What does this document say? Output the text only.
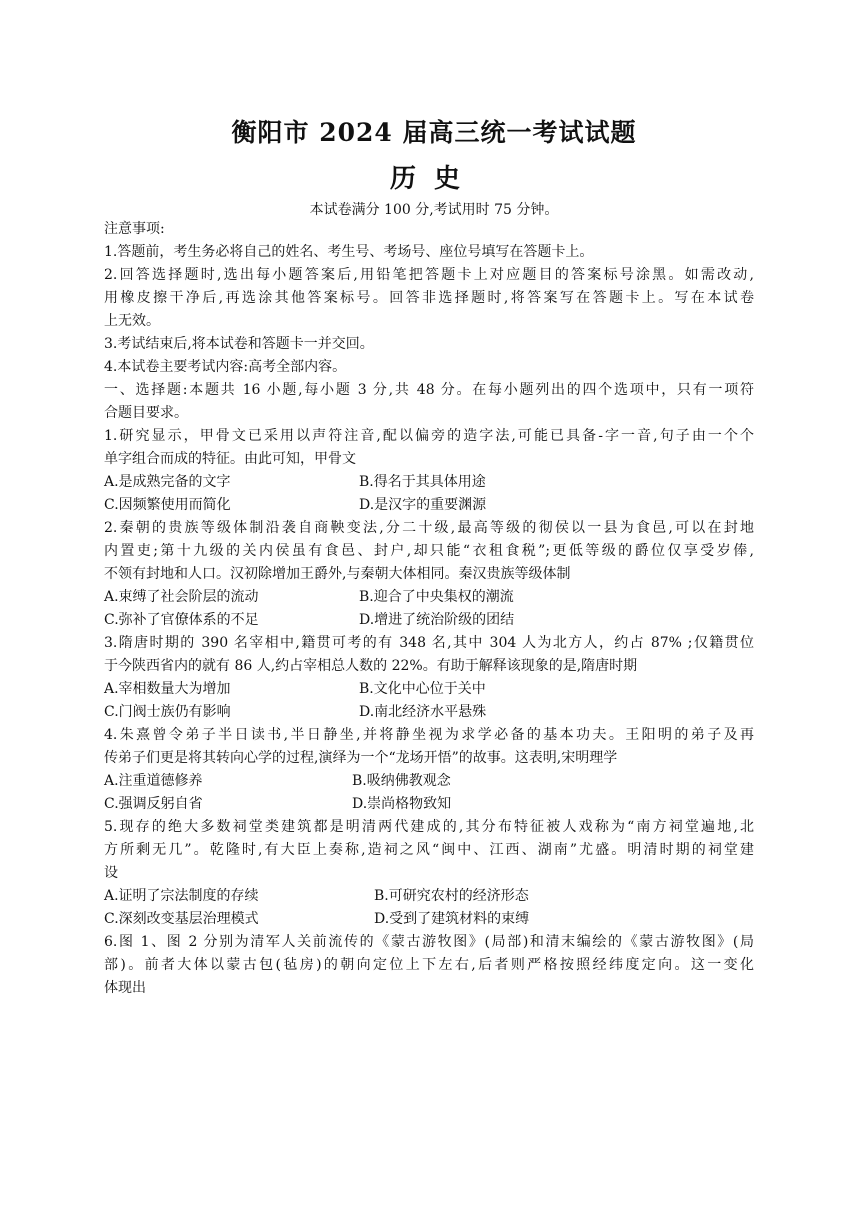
衡阳市 2024 届高三统一考试试题
历史
本试卷满分 100 分,考试用时 75 分钟。
注意事项:
1.答题前，考生务必将自己的姓名、考生号、考场号、座位号填写在答题卡上。
2.回答选择题时,选出每小题答案后,用铅笔把答题卡上对应题目的答案标号涂黑。如需改动,
用橡皮擦干净后,再选涂其他答案标号。回答非选择题时,将答案写在答题卡上。写在本试卷
上无效。
3.考试结束后,将本试卷和答题卡一并交回。
4.本试卷主要考试内容:高考全部内容。
一、选择题:本题共 16 小题,每小题 3 分,共 48 分。在每小题列出的四个选项中，只有一项符
合题目要求。
1.研究显示，甲骨文已采用以声符注音,配以偏旁的造字法,可能已具备-字一音,句子由一个个
单字组合而成的特征。由此可知，甲骨文
A.是成熟完备的文字	B.得名于其具体用途
C.因频繁使用而简化	D.是汉字的重要渊源
2.秦朝的贵族等级体制沿袭自商鞅变法,分二十级,最高等级的彻侯以一县为食邑,可以在封地
内置吏;第十九级的关内侯虽有食邑、封户,却只能“衣租食税”;更低等级的爵位仅享受岁俸,
不领有封地和人口。汉初除增加王爵外,与秦朝大体相同。秦汉贵族等级体制
A.束缚了社会阶层的流动	B.迎合了中央集权的潮流
C.弥补了官僚体系的不足	D.增进了统治阶级的团结
3.隋唐时期的 390 名宰相中,籍贯可考的有 348 名,其中 304 人为北方人，约占 87% ;仅籍贯位
于今陕西省内的就有 86 人,约占宰相总人数的 22%。有助于解释该现象的是,隋唐时期
A.宰相数量大为增加	B.文化中心位于关中
C.门阀士族仍有影响	D.南北经济水平悬殊
4.朱熹曾令弟子半日读书,半日静坐,并将静坐视为求学必备的基本功夫。王阳明的弟子及再
传弟子们更是将其转向心学的过程,演绎为一个“龙场开悟”的故事。这表明,宋明理学
A.注重道德修养	B.吸纳佛教观念
C.强调反躬自省	D.崇尚格物致知
5.现存的绝大多数祠堂类建筑都是明清两代建成的,其分布特征被人戏称为“南方祠堂遍地,北
方所剩无几”。乾隆时,有大臣上奏称,造祠之风“闽中、江西、湖南”尤盛。明清时期的祠堂建
设
A.证明了宗法制度的存续	B.可研究农村的经济形态
C.深刻改变基层治理模式	D.受到了建筑材料的束缚
6.图 1、图 2 分别为清军人关前流传的《蒙古游牧图》(局部)和清末编绘的《蒙古游牧图》(局
部)。前者大体以蒙古包(毡房)的朝向定位上下左右,后者则严格按照经纬度定向。这一变化
体现出
